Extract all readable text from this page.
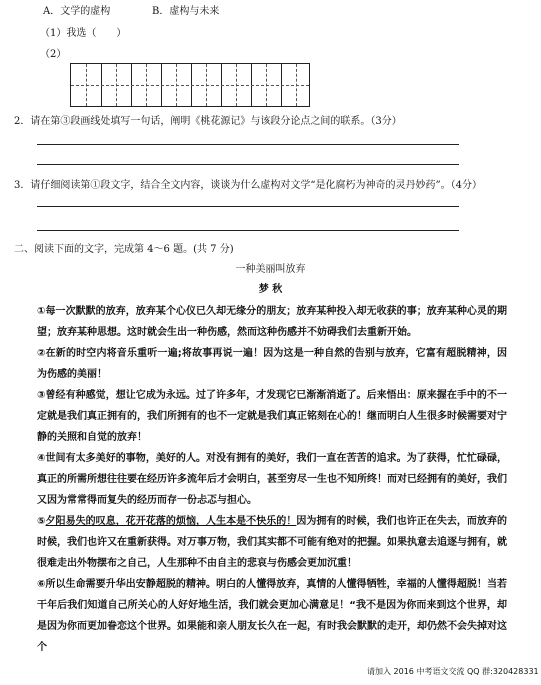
A．文学的虚构	B．虚构与未来
（1）我选（　　）
（2）
2．请在第③段画线处填写一句话，阐明《桃花源记》与该段分论点之间的联系。（3分）
3．请仔细阅读第①段文字，结合全文内容，谈谈为什么虚构对文学“是化腐朽为神奇的灵丹妙药”。（4分）
二、阅读下面的文字，完成第 4～6 题。(共 7 分)
一种美丽叫放弃
梦 秋
①每一次默默的放弃，放弃某个心仪已久却无缘分的朋友；放弃某种投入却无收获的事；放弃某种心灵的期望；放弃某种思想。这时就会生出一种伤感，然而这种伤感并不妨碍我们去重新开始。
②在新的时空内将音乐重听一遍;将故事再说一遍！因为这是一种自然的告别与放弃，它富有超脱精神，因为伤感的美丽！
③曾经有种感觉，想让它成为永远。过了许多年，才发现它已渐渐消逝了。后来悟出：原来握在手中的不一定就是我们真正拥有的，我们所拥有的也不一定就是我们真正铭刻在心的！继而明白人生很多时候需要对宁静的关照和自觉的放弃！
④世间有太多美好的事物，美好的人。对没有拥有的美好，我们一直在苦苦的追求。为了获得，忙忙碌碌，真正的所需所想往往要在经历许多流年后才会明白，甚至穷尽一生也不知所终！而对已经拥有的美好，我们又因为常常得而复失的经历而存一份忐忑与担心。
⑤夕阳易失的叹息，花开花落的烦恼，人生本是不快乐的！因为拥有的时候，我们也许正在失去，而放弃的时候，我们也许又在重新获得。对万事万物，我们其实都不可能有绝对的把握。如果执意去追逐与拥有，就很难走出外物摆布之自己，人生那种不由自主的悲哀与伤感会更加沉重！
⑥所以生命需要升华出安静超脱的精神。明白的人懂得放弃，真情的人懂得牺牲，幸福的人懂得超脱！当若干年后我们知道自己所关心的人好好地生活，我们就会更加心满意足！“我不是因为你而来到这个世界，却是因为你而更加眷恋这个世界。如果能和亲人朋友长久在一起，有时我会默默的走开，却仍然不会失掉对这个
请加入 2016 中考语文交流 QQ 群:320428331
